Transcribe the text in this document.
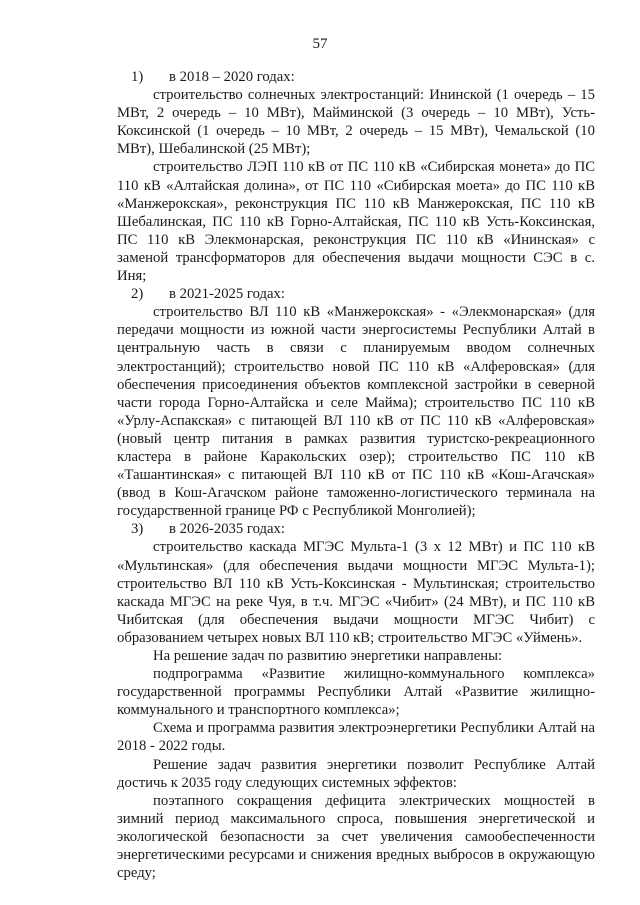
57

1) в 2018 – 2020 годах:

строительство солнечных электростанций: Ининской (1 очередь – 15 МВт, 2 очередь – 10 МВт), Майминской (3 очередь – 10 МВт), Усть-Коксинской (1 очередь – 10 МВт, 2 очередь – 15 МВт), Чемальской (10 МВт), Шебалинской (25 МВт);

строительство ЛЭП 110 кВ от ПС 110 кВ «Сибирская монета» до ПС 110 кВ «Алтайская долина», от ПС 110 «Сибирская моета» до ПС 110 кВ «Манжерокская», реконструкция ПС 110 кВ Манжерокская, ПС 110 кВ Шебалинская, ПС 110 кВ Горно-Алтайская, ПС 110 кВ Усть-Коксинская, ПС 110 кВ Элекмонарская, реконструкция ПС 110 кВ «Ининская» с заменой трансформаторов для обеспечения выдачи мощности СЭС в с. Иня;

2) в 2021-2025 годах:

строительство ВЛ 110 кВ «Манжерокская» - «Элекмонарская» (для передачи мощности из южной части энергосистемы Республики Алтай в центральную часть в связи с планируемым вводом солнечных электростанций); строительство новой ПС 110 кВ «Алферовская» (для обеспечения присоединения объектов комплексной застройки в северной части города Горно-Алтайска и селе Майма); строительство ПС 110 кВ «Урлу-Аспакская» с питающей ВЛ 110 кВ от ПС 110 кВ «Алферовская» (новый центр питания в рамках развития туристско-рекреационного кластера в районе Каракольских озер); строительство ПС 110 кВ «Ташантинская» с питающей ВЛ 110 кВ от ПС 110 кВ «Кош-Агачская» (ввод в Кош-Агачском районе таможенно-логистического терминала на государственной границе РФ с Республикой Монголией);

3) в 2026-2035 годах:

строительство каскада МГЭС Мульта-1 (3 х 12 МВт) и ПС 110 кВ «Мультинская» (для обеспечения выдачи мощности МГЭС Мульта-1); строительство ВЛ 110 кВ Усть-Коксинская - Мультинская; строительство каскада МГЭС на реке Чуя, в т.ч. МГЭС «Чибит» (24 МВт), и ПС 110 кВ Чибитская (для обеспечения выдачи мощности МГЭС Чибит) с образованием четырех новых ВЛ 110 кВ; строительство МГЭС «Уймень».

На решение задач по развитию энергетики направлены:

подпрограмма «Развитие жилищно-коммунального комплекса» государственной программы Республики Алтай «Развитие жилищно-коммунального и транспортного комплекса»;

Схема и программа развития электроэнергетики Республики Алтай на 2018 - 2022 годы.

Решение задач развития энергетики позволит Республике Алтай достичь к 2035 году следующих системных эффектов:

поэтапного сокращения дефицита электрических мощностей в зимний период максимального спроса, повышения энергетической и экологической безопасности за счет увеличения самообеспеченности энергетическими ресурсами и снижения вредных выбросов в окружающую среду;
